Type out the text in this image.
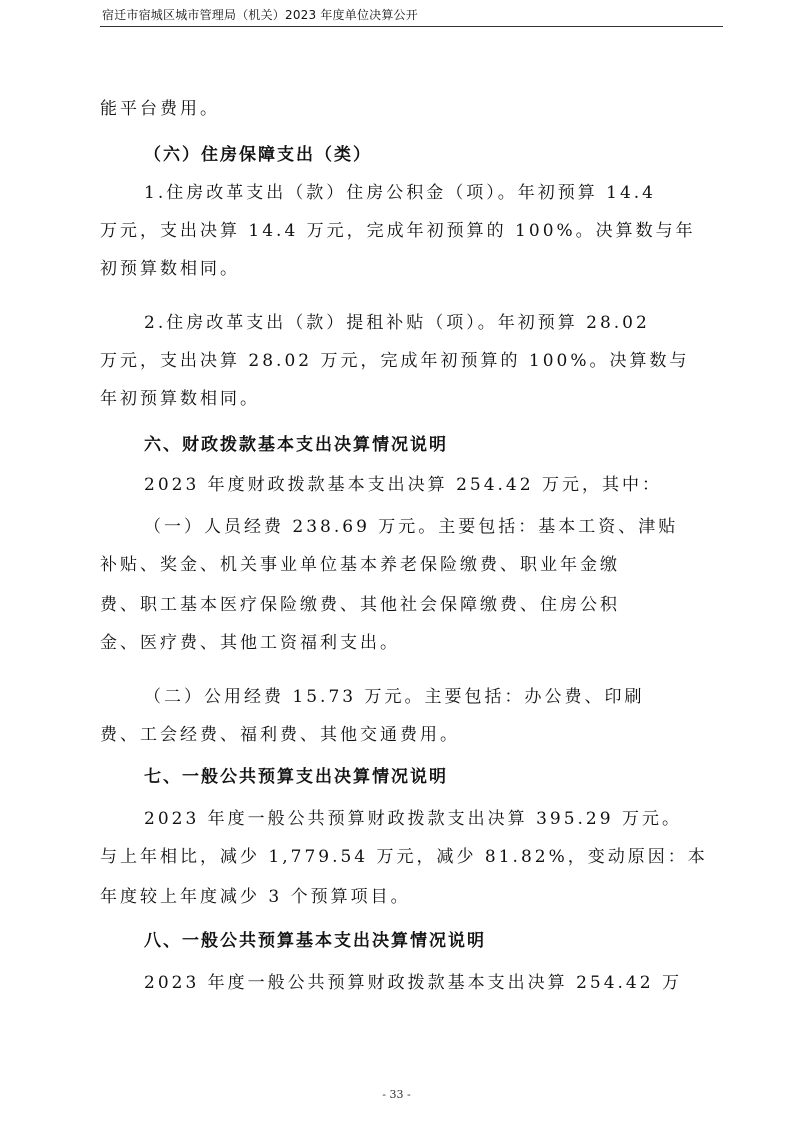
宿迁市宿城区城市管理局（机关）2023 年度单位决算公开

能平台费用。

（六）住房保障支出（类）

1.住房改革支出（款）住房公积金（项）。年初预算 14.4

万元，支出决算 14.4 万元，完成年初预算的 100%。决算数与年

初预算数相同。

2.住房改革支出（款）提租补贴（项）。年初预算 28.02

万元，支出决算 28.02 万元，完成年初预算的 100%。决算数与

年初预算数相同。

六、财政拨款基本支出决算情况说明

2023 年度财政拨款基本支出决算 254.42 万元，其中：

（一）人员经费 238.69 万元。主要包括：基本工资、津贴

补贴、奖金、机关事业单位基本养老保险缴费、职业年金缴

费、职工基本医疗保险缴费、其他社会保障缴费、住房公积

金、医疗费、其他工资福利支出。

（二）公用经费 15.73 万元。主要包括：办公费、印刷

费、工会经费、福利费、其他交通费用。

七、一般公共预算支出决算情况说明

2023 年度一般公共预算财政拨款支出决算 395.29 万元。

与上年相比，减少 1,779.54 万元，减少 81.82%，变动原因：本

年度较上年度减少 3 个预算项目。

八、一般公共预算基本支出决算情况说明

2023 年度一般公共预算财政拨款基本支出决算 254.42 万

- 33 -
